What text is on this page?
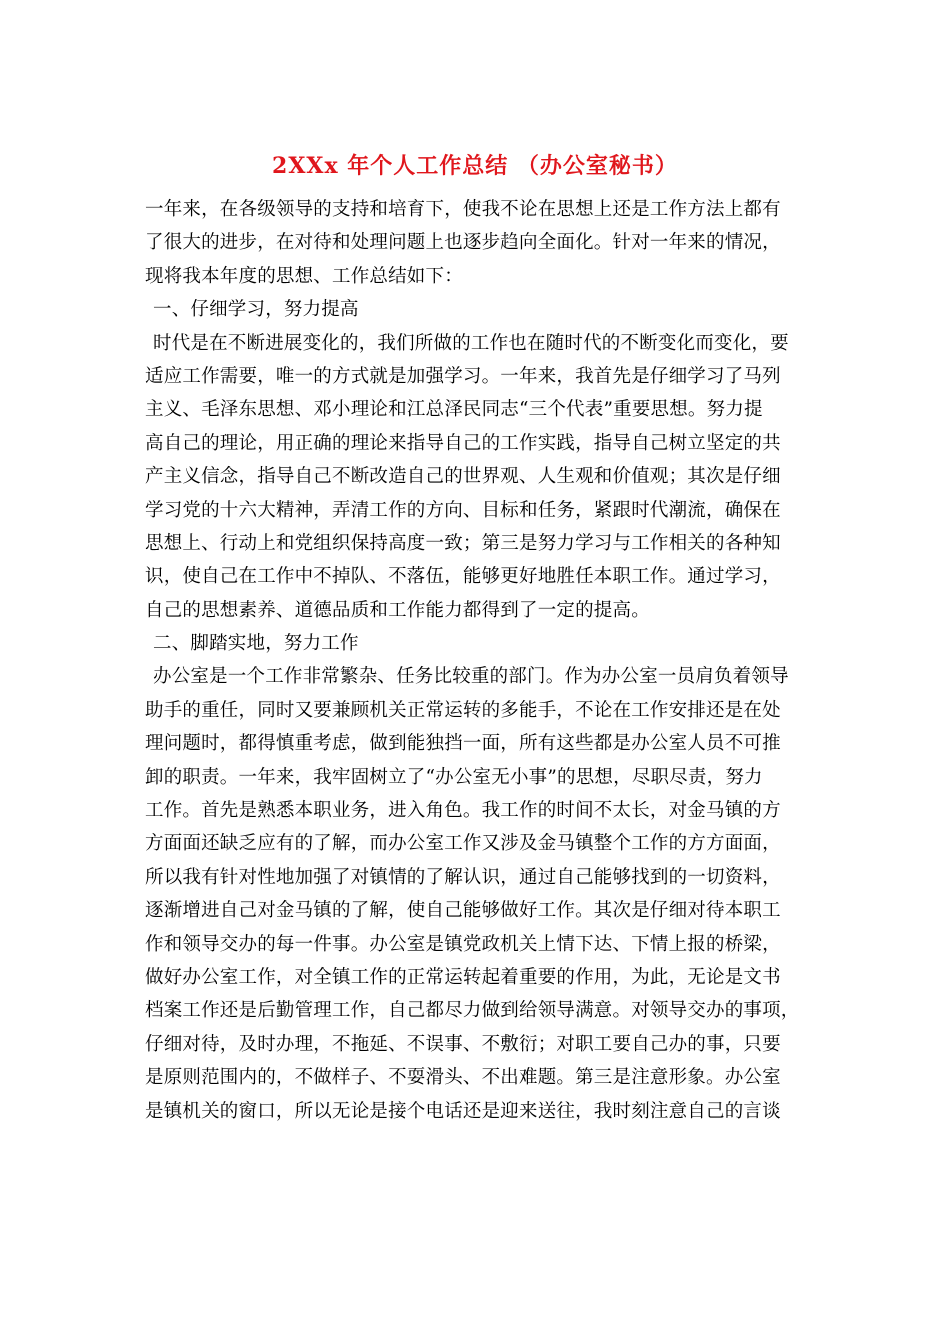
2XXx 年个人工作总结 （办公室秘书）
一年来，在各级领导的支持和培育下，使我不论在思想上还是工作方法上都有
了很大的进步，在对待和处理问题上也逐步趋向全面化。针对一年来的情况，
现将我本年度的思想、工作总结如下：
一、仔细学习，努力提高
时代是在不断进展变化的，我们所做的工作也在随时代的不断变化而变化，要
适应工作需要，唯一的方式就是加强学习。一年来，我首先是仔细学习了马列
主义、毛泽东思想、邓小理论和江总泽民同志“三个代表”重要思想。努力提
高自己的理论，用正确的理论来指导自己的工作实践，指导自己树立坚定的共
产主义信念，指导自己不断改造自己的世界观、人生观和价值观；其次是仔细
学习党的十六大精神，弄清工作的方向、目标和任务，紧跟时代潮流，确保在
思想上、行动上和党组织保持高度一致；第三是努力学习与工作相关的各种知
识，使自己在工作中不掉队、不落伍，能够更好地胜任本职工作。通过学习，
自己的思想素养、道德品质和工作能力都得到了一定的提高。
二、脚踏实地，努力工作
办公室是一个工作非常繁杂、任务比较重的部门。作为办公室一员肩负着领导
助手的重任，同时又要兼顾机关正常运转的多能手，不论在工作安排还是在处
理问题时，都得慎重考虑，做到能独挡一面，所有这些都是办公室人员不可推
卸的职责。一年来，我牢固树立了“办公室无小事”的思想，尽职尽责，努力
工作。首先是熟悉本职业务，进入角色。我工作的时间不太长，对金马镇的方
方面面还缺乏应有的了解，而办公室工作又涉及金马镇整个工作的方方面面，
所以我有针对性地加强了对镇情的了解认识，通过自己能够找到的一切资料，
逐渐增进自己对金马镇的了解，使自己能够做好工作。其次是仔细对待本职工
作和领导交办的每一件事。办公室是镇党政机关上情下达、下情上报的桥梁，
做好办公室工作，对全镇工作的正常运转起着重要的作用，为此，无论是文书
档案工作还是后勤管理工作，自己都尽力做到给领导满意。对领导交办的事项，
仔细对待，及时办理，不拖延、不误事、不敷衍；对职工要自己办的事，只要
是原则范围内的，不做样子、不耍滑头、不出难题。第三是注意形象。办公室
是镇机关的窗口，所以无论是接个电话还是迎来送往，我时刻注意自己的言谈
